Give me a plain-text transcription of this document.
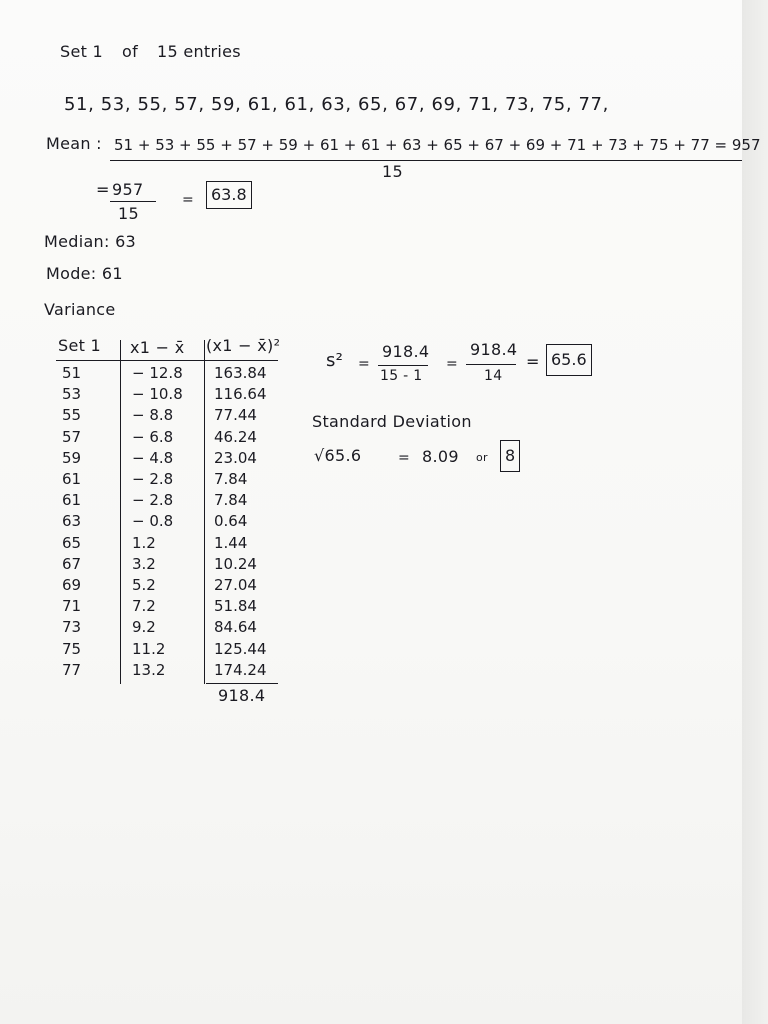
Set 1 of 15 entries
51, 53, 55, 57, 59, 61, 61, 63, 65, 67, 69, 71, 73, 75, 77,
Mean : 51 + 53 + 55 + 57 + 59 + 61 + 61 + 63 + 65 + 67 + 69 + 71 + 73 + 75 + 77 = 957
15
= 957
15
=	63.8
Median: 63
Mode: 61
Variance
Set 1 x1 − x̄ (x1 − x̄)²
51	− 12.8 163.84
53	− 10.8 116.64
55	− 8.8	77.44
57	− 6.8	46.24
59	− 4.8	23.04
61	− 2.8	7.84
61	− 2.8	7.84
63	− 0.8	0.64
65	1.2	1.44
67	3.2	10.24
69	5.2	27.04
71	7.2	51.84
73	9.2	84.64
75	11.2	125.44
77	13.2	174.24
918.4
s² =
918.4
15 - 1
=
918.4
14
= 65.6
Standard Deviation
√65.6	= 8.09 or	8
